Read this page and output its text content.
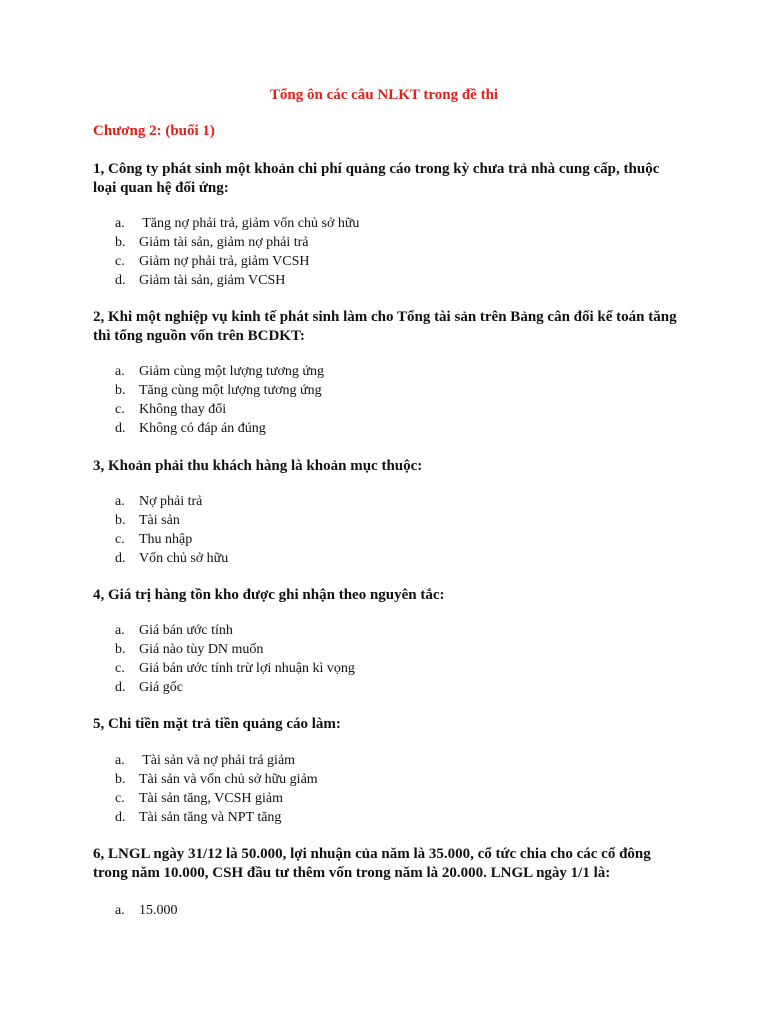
Tổng ôn các câu NLKT trong đề thi
Chương 2: (buổi 1)
1, Công ty phát sinh một khoản chi phí quảng cáo trong kỳ chưa trả nhà cung cấp, thuộc loại quan hệ đối ứng:
a. Tăng nợ phải trả, giảm vốn chủ sở hữu
b. Giảm tài sản, giảm nợ phải trả
c. Giảm nợ phải trả, giảm VCSH
d. Giảm tài sản, giảm VCSH
2, Khi một nghiệp vụ kinh tế phát sinh làm cho Tổng tài sản trên Bảng cân đối kế toán tăng thì tổng nguồn vốn trên BCDKT:
a. Giảm cùng một lượng tương ứng
b. Tăng cùng một lượng tương ứng
c. Không thay đổi
d. Không có đáp án đúng
3, Khoản phải thu khách hàng là khoản mục thuộc:
a. Nợ phải trả
b. Tài sản
c. Thu nhập
d. Vốn chủ sở hữu
4, Giá trị hàng tồn kho được ghi nhận theo nguyên tắc:
a. Giá bán ước tính
b. Giá nào tùy DN muốn
c. Giá bán ước tính trừ lợi nhuận kì vọng
d. Giá gốc
5, Chi tiền mặt trả tiền quảng cáo làm:
a. Tài sản và nợ phải trả giảm
b. Tài sản và vốn chủ sở hữu giảm
c. Tài sản tăng, VCSH giảm
d. Tài sản tăng và NPT tăng
6, LNGL ngày 31/12 là 50.000, lợi nhuận của năm là 35.000, cổ tức chia cho các cổ đông trong năm 10.000, CSH đầu tư thêm vốn trong năm là 20.000. LNGL ngày 1/1 là:
a. 15.000
